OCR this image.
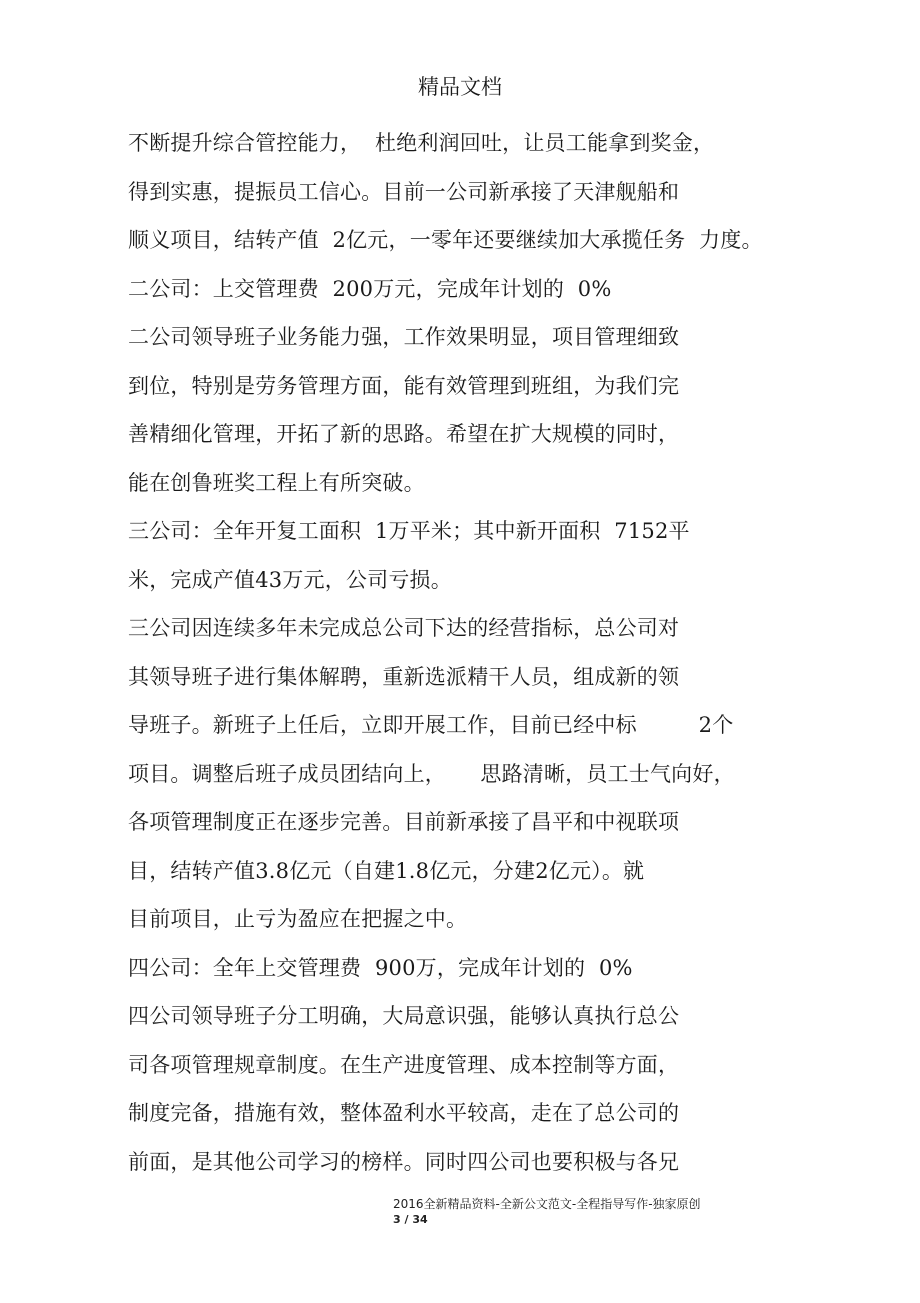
精品文档
不断提升综合管控能力，  杜绝利润回吐，让员工能拿到奖金，
得到实惠，提振员工信心。目前一公司新承接了天津舰船和
顺义项目，结转产值  2亿元，一零年还要继续加大承揽任务  力度。
二公司：上交管理费  200万元，完成年计划的  0%
二公司领导班子业务能力强，工作效果明显，项目管理细致
到位，特别是劳务管理方面，能有效管理到班组，为我们完
善精细化管理，开拓了新的思路。希望在扩大规模的同时，
能在创鲁班奖工程上有所突破。
三公司：全年开复工面积  1万平米；其中新开面积  7152平
米，完成产值43万元，公司亏损。
三公司因连续多年未完成总公司下达的经营指标，总公司对
其领导班子进行集体解聘，重新选派精干人员，组成新的领
导班子。新班子上任后，立即开展工作，目前已经中标         2个
项目。调整后班子成员团结向上，     思路清晰，员工士气向好，
各项管理制度正在逐步完善。目前新承接了昌平和中视联项
目，结转产值3.8亿元（自建1.8亿元，分建2亿元）。就
目前项目，止亏为盈应在把握之中。
四公司：全年上交管理费  900万，完成年计划的  0%
四公司领导班子分工明确，大局意识强，能够认真执行总公
司各项管理规章制度。在生产进度管理、成本控制等方面，
制度完备，措施有效，整体盈利水平较高，走在了总公司的
前面，是其他公司学习的榜样。同时四公司也要积极与各兄
2016全新精品资料-全新公文范文-全程指导写作-独家原创
3 / 34
